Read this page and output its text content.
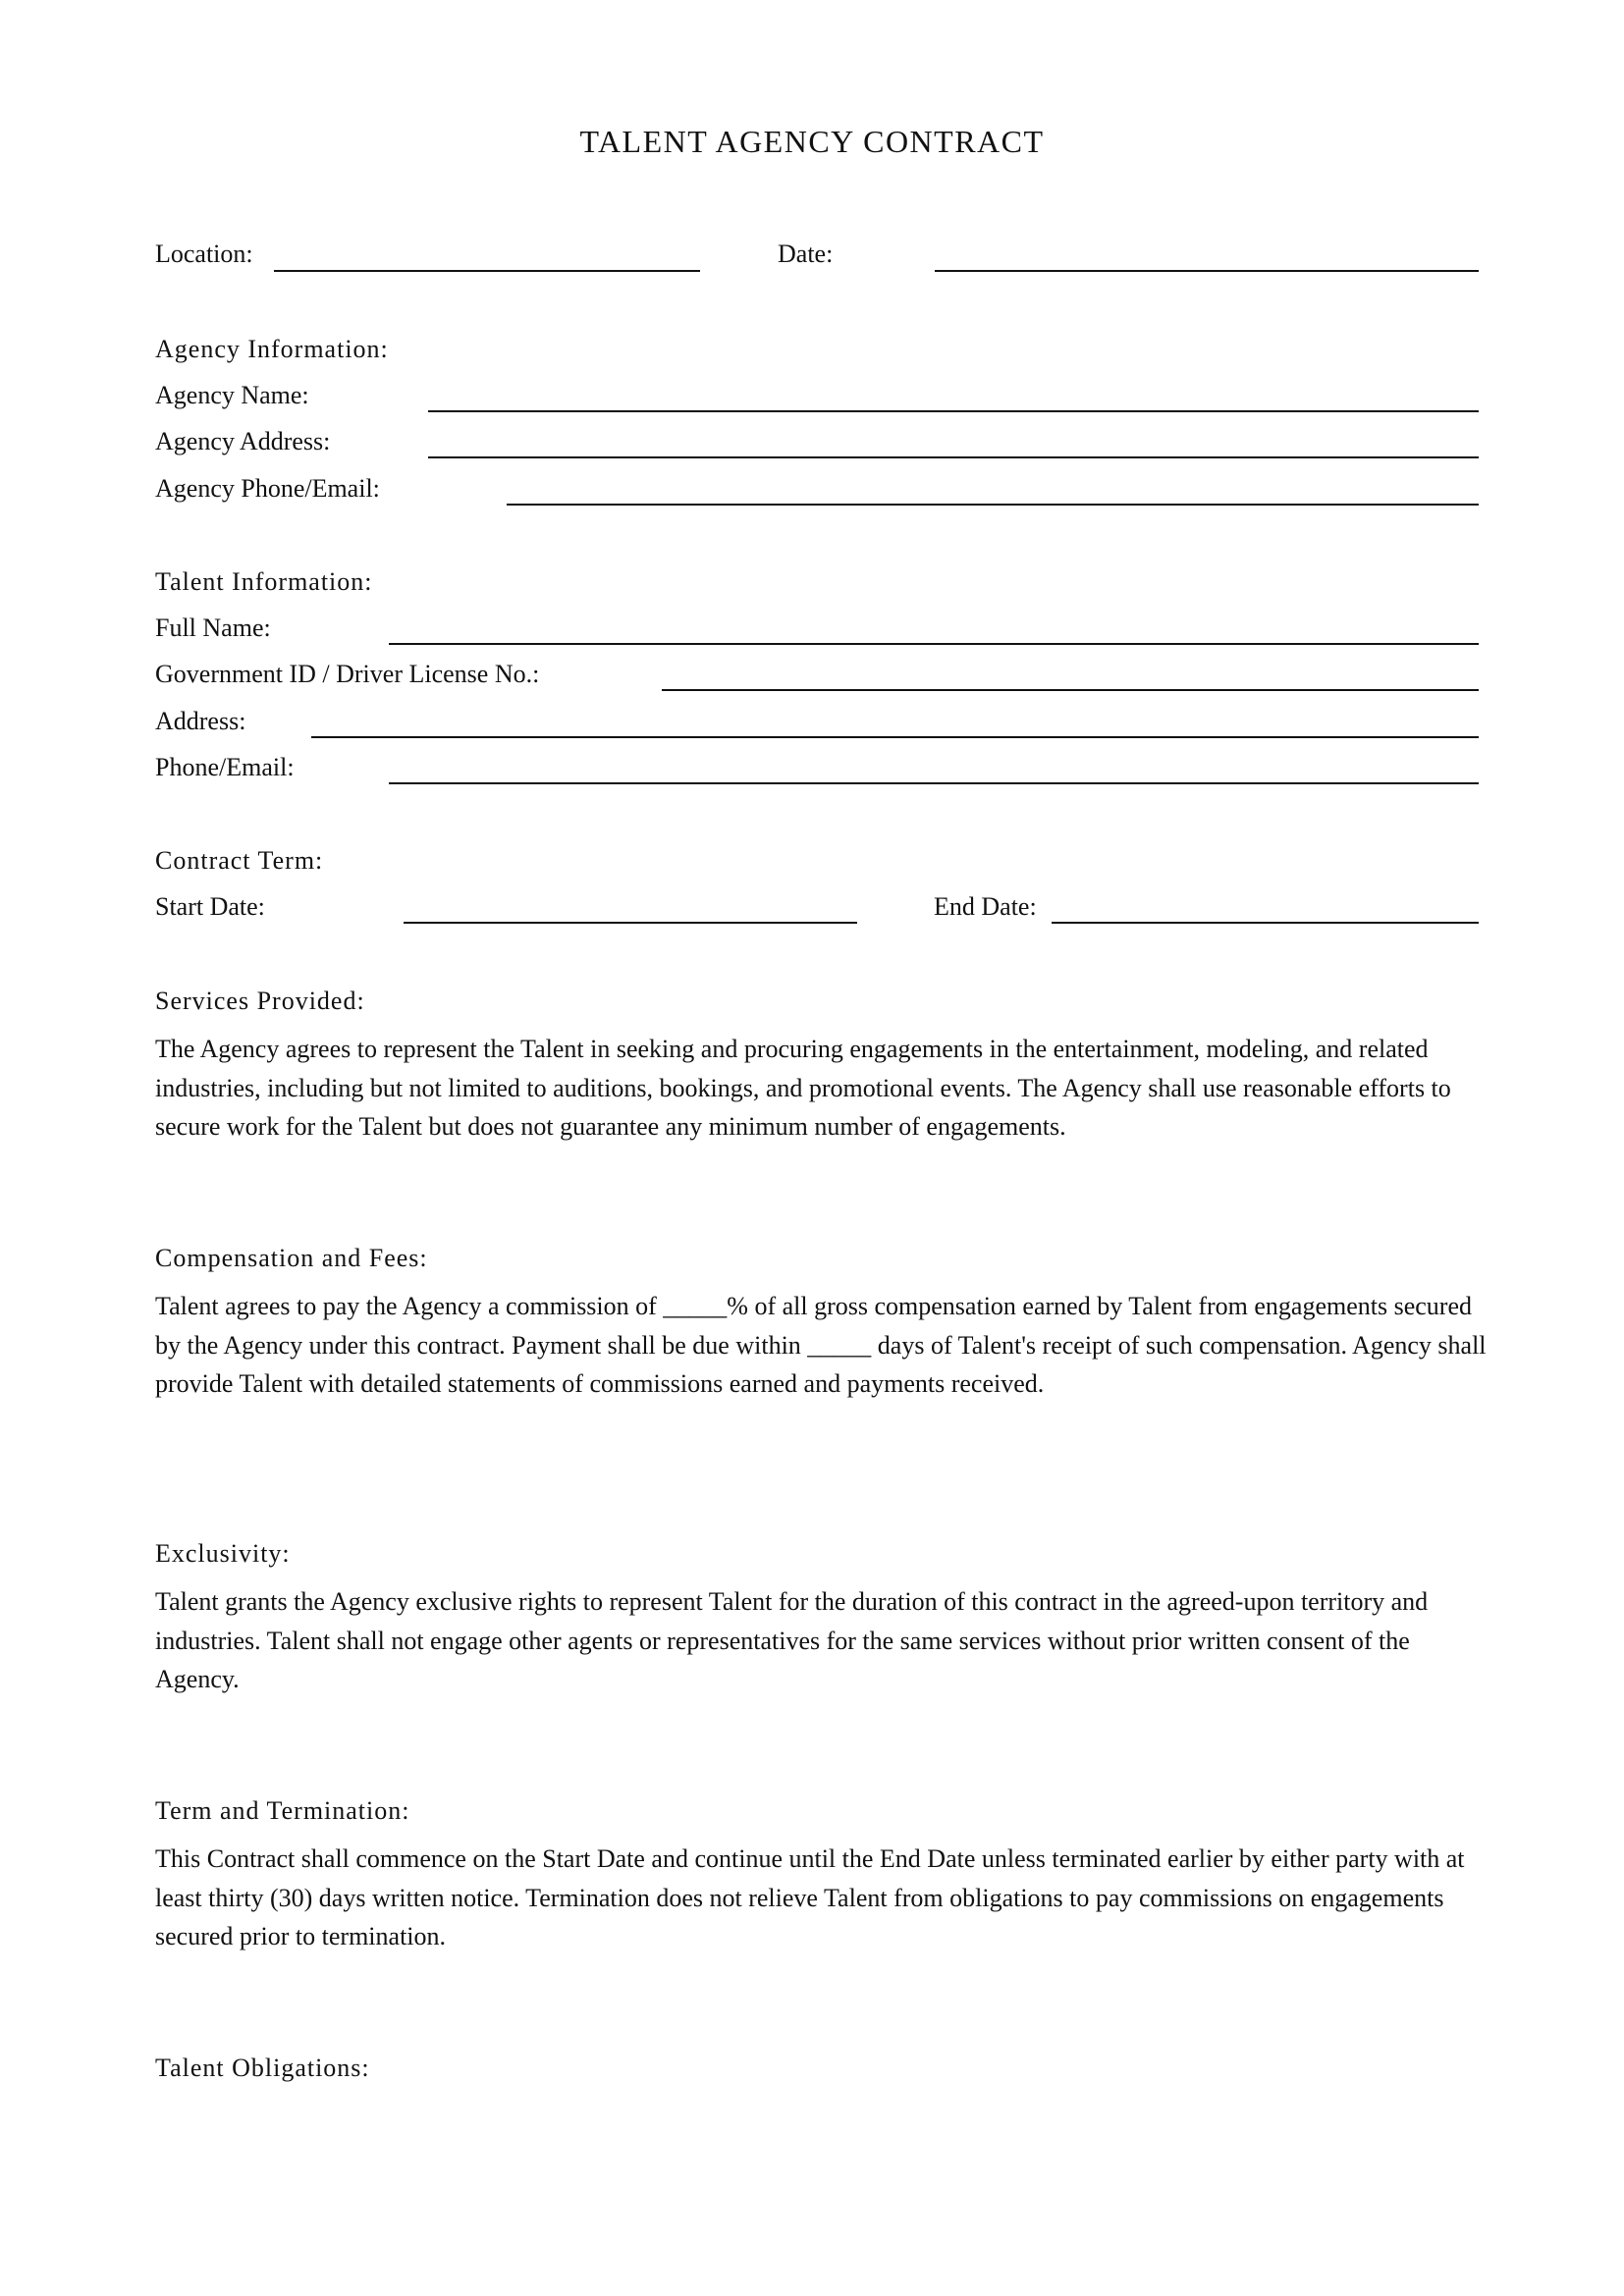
TALENT AGENCY CONTRACT
Location:	Date:
Agency Information:
Agency Name:
Agency Address:
Agency Phone/Email:
Talent Information:
Full Name:
Government ID / Driver License No.:
Address:
Phone/Email:
Contract Term:
Start Date:	End Date:
Services Provided:

The Agency agrees to represent the Talent in seeking and procuring engagements in the entertainment, modeling, and related industries, including but not limited to auditions, bookings, and promotional events. The Agency shall use reasonable efforts to secure work for the Talent but does not guarantee any minimum number of engagements.

Compensation and Fees:

Talent agrees to pay the Agency a commission of _____% of all gross compensation earned by Talent from engagements secured by the Agency under this contract. Payment shall be due within _____ days of Talent's receipt of such compensation. Agency shall provide Talent with detailed statements of commissions earned and payments received.

Exclusivity:

Talent grants the Agency exclusive rights to represent Talent for the duration of this contract in the agreed-upon territory and industries. Talent shall not engage other agents or representatives for the same services without prior written consent of the Agency.

Term and Termination:

This Contract shall commence on the Start Date and continue until the End Date unless terminated earlier by either party with at least thirty (30) days written notice. Termination does not relieve Talent from obligations to pay commissions on engagements secured prior to termination.

Talent Obligations:
